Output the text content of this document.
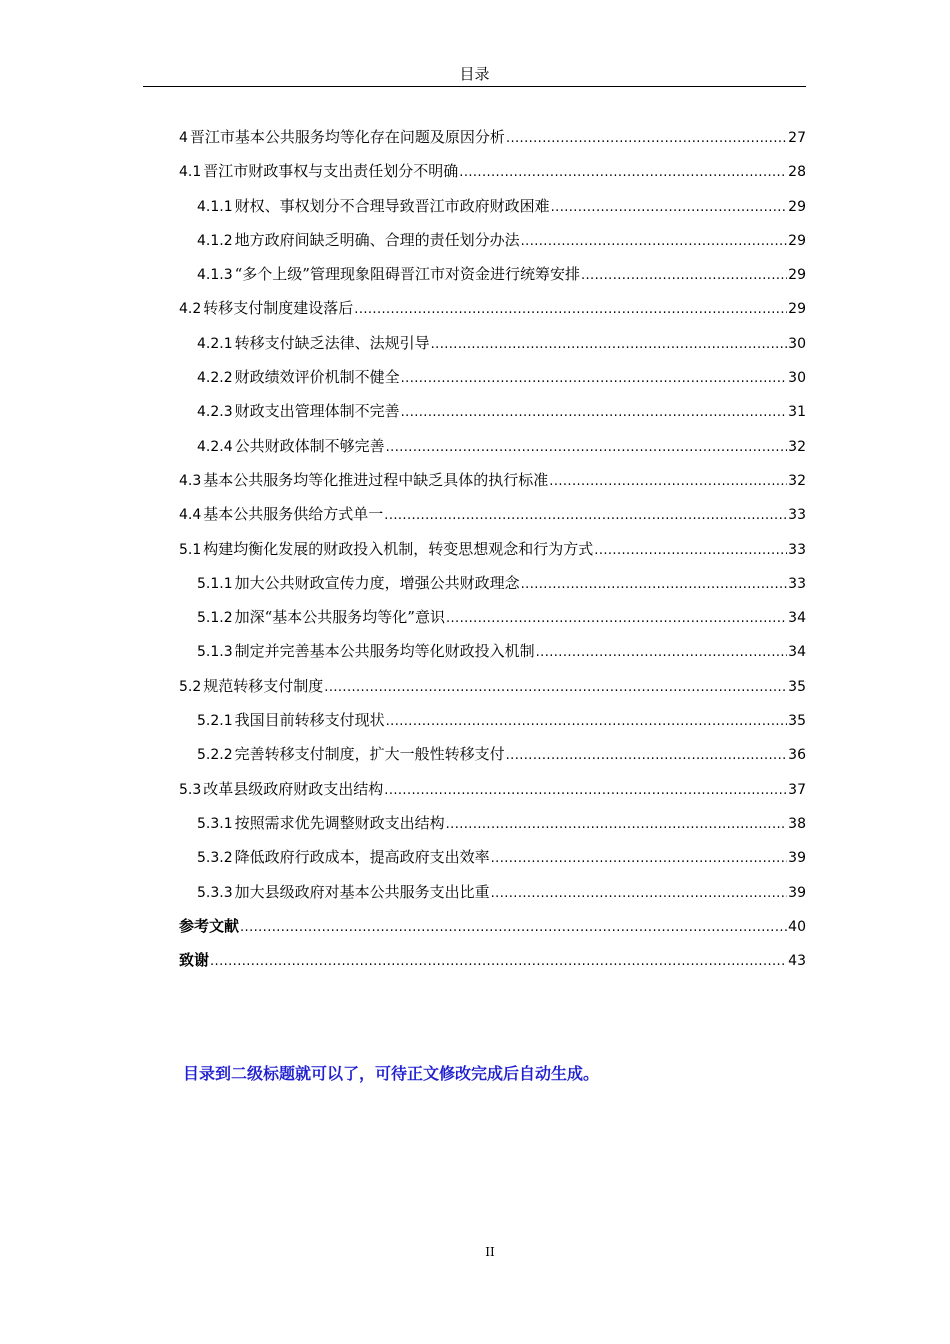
目录
4 晋江市基本公共服务均等化存在问题及原因分析 .....	27
4.1 晋江市财政事权与支出责任划分不明确 .....	28
4.1.1 财权、事权划分不合理导致晋江市政府财政困难 .....	29
4.1.2 地方政府间缺乏明确、合理的责任划分办法 .....	29
4.1.3 “多个上级”管理现象阻碍晋江市对资金进行统筹安排 .....	29
4.2 转移支付制度建设落后 .....	29
4.2.1 转移支付缺乏法律、法规引导 .....	30
4.2.2 财政绩效评价机制不健全 .....	30
4.2.3 财政支出管理体制不完善 .....	31
4.2.4 公共财政体制不够完善 .....	32
4.3 基本公共服务均等化推进过程中缺乏具体的执行标准 .....	32
4.4 基本公共服务供给方式单一 .....	33
5.1 构建均衡化发展的财政投入机制，转变思想观念和行为方式 .....	33
5.1.1 加大公共财政宣传力度，增强公共财政理念 .....	33
5.1.2 加深“基本公共服务均等化”意识 .....	34
5.1.3 制定并完善基本公共服务均等化财政投入机制 .....	34
5.2 规范转移支付制度 .....	35
5.2.1 我国目前转移支付现状 .....	35
5.2.2 完善转移支付制度，扩大一般性转移支付 .....	36
5.3 改革县级政府财政支出结构 .....	37
5.3.1 按照需求优先调整财政支出结构 .....	38
5.3.2 降低政府行政成本，提高政府支出效率 .....	39
5.3.3 加大县级政府对基本公共服务支出比重 .....	39
参考文献 .....	40
致谢 .....	43
目录到二级标题就可以了，可待正文修改完成后自动生成。
II
